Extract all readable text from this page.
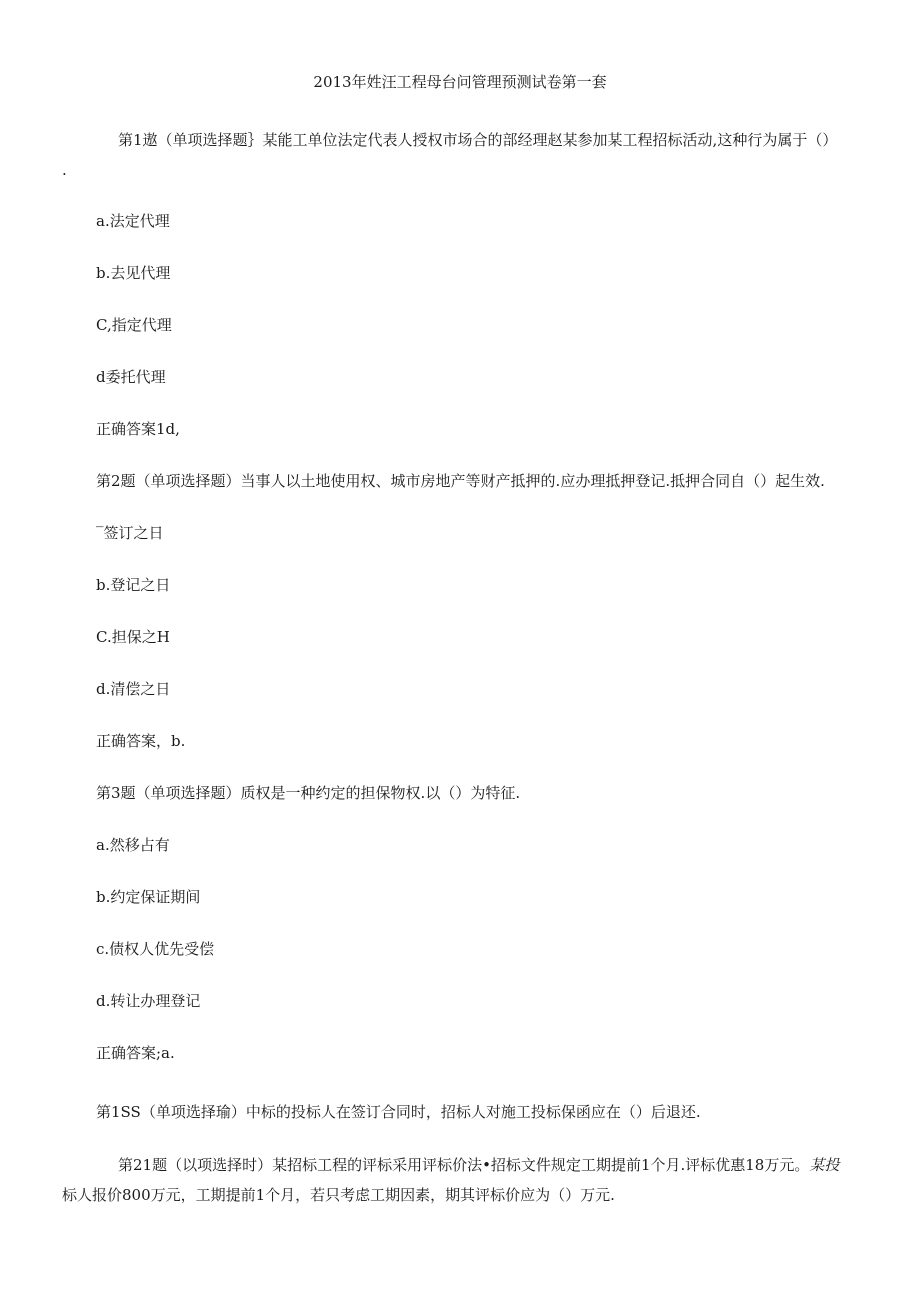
2013年姓汪工程母台问管理预测试卷第一套
第1遨（单项选择题｝某能工单位法定代表人授权市场合的部经理赵某参加某工程招标活动,这种行为属于（）
.
a.法定代理
b.去见代理
C,指定代理
d委托代理
正确答案1d,
第2题（单项选择题）当事人以土地使用权、城市房地产等财产抵押的.应办理抵押登记.抵押合同自（）起生效.
‾签订之日
b.登记之日
C.担保之H
d.清偿之日
正确答案，b.
第3题（单项选择题）质权是一种约定的担保物权.以（）为特征.
a.然移占有
b.约定保证期间
c.债权人优先受偿
d.转让办理登记
正确答案;a.
第1SS（单项选择瑜）中标的投标人在签订合同时，招标人对施工投标保函应在（）后退还.
第21题（以项选择时）某招标工程的评标采用评标价法•招标文件规定工期提前1个月.评标优惠18万元。某投
标人报价800万元，工期提前1个月，若只考虑工期因素，期其评标价应为（）万元.
